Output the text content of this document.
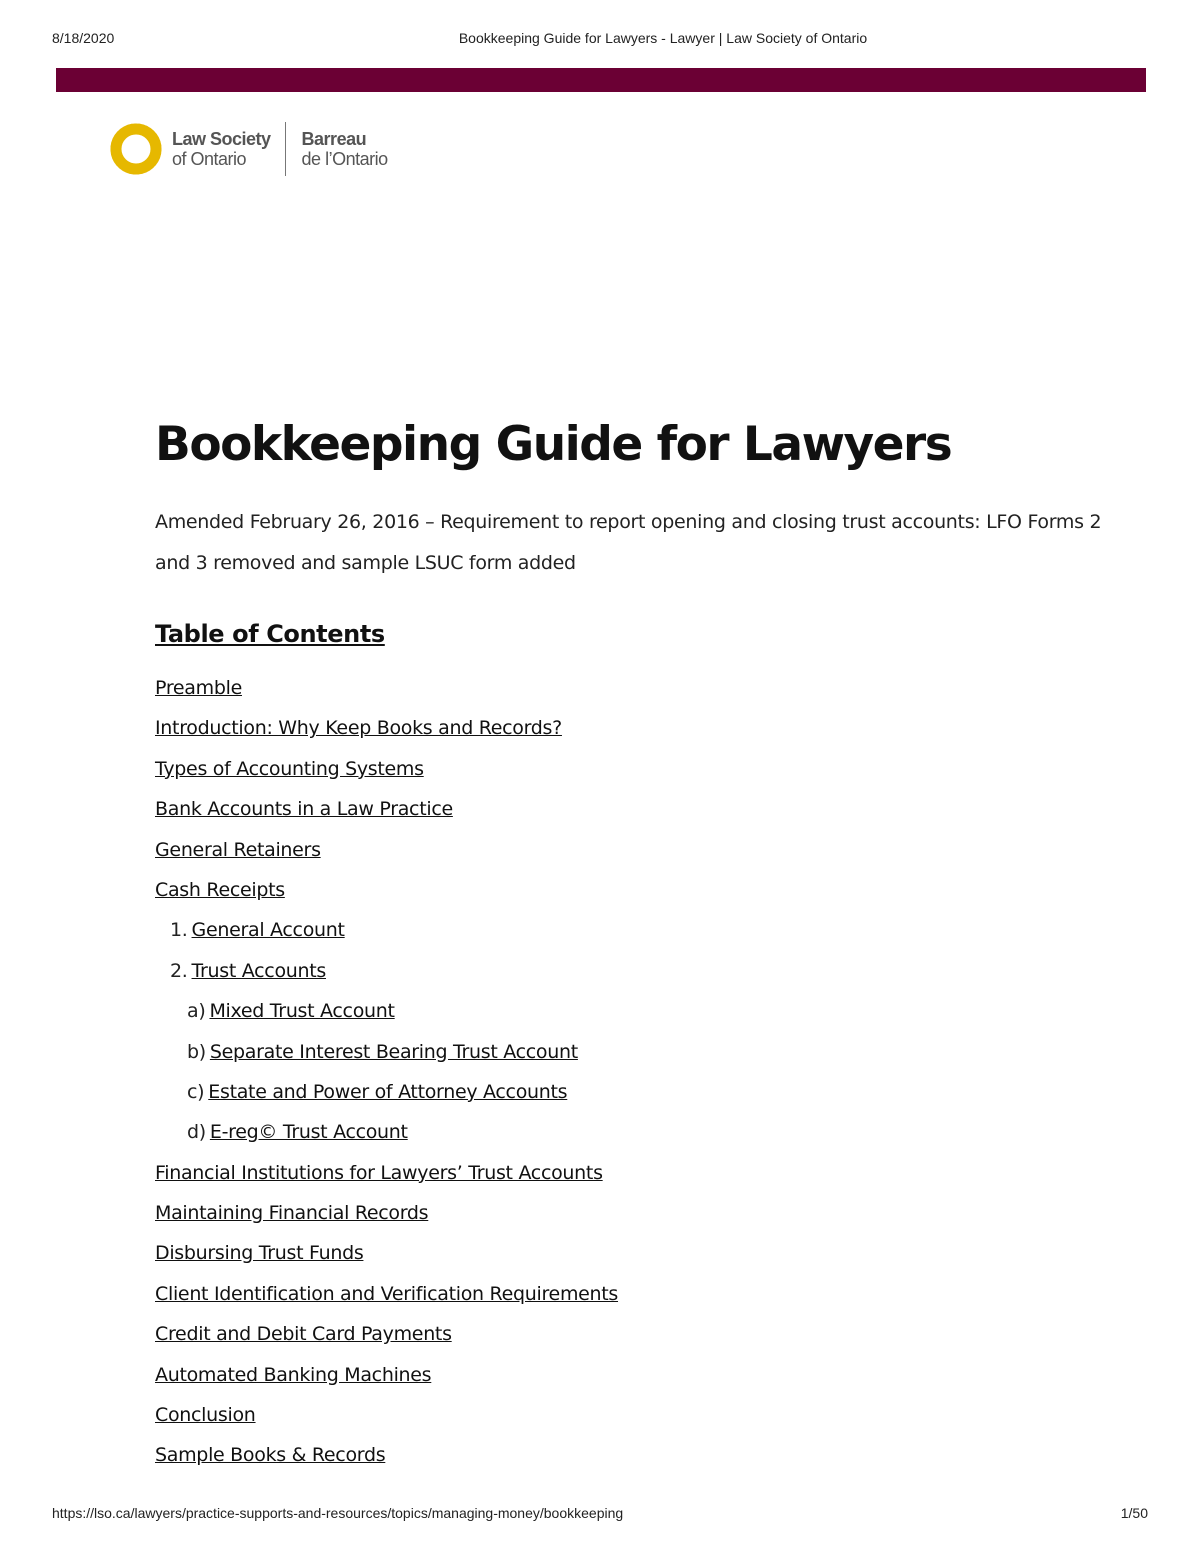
8/18/2020	Bookkeeping Guide for Lawyers - Lawyer | Law Society of Ontario
Law Society
of Ontario
Barreau
de l’Ontario
Bookkeeping Guide for Lawyers
Amended February 26, 2016 – Requirement to report opening and closing trust accounts: LFO Forms 2 and 3 removed and sample LSUC form added
Table of Contents
Preamble
Introduction: Why Keep Books and Records?
Types of Accounting Systems
Bank Accounts in a Law Practice
General Retainers
Cash Receipts
1. General Account
2. Trust Accounts
a) Mixed Trust Account
b) Separate Interest Bearing Trust Account
c) Estate and Power of Attorney Accounts
d) E-reg© Trust Account
Financial Institutions for Lawyers’ Trust Accounts
Maintaining Financial Records
Disbursing Trust Funds
Client Identification and Verification Requirements
Credit and Debit Card Payments
Automated Banking Machines
Conclusion
Sample Books & Records
https://lso.ca/lawyers/practice-supports-and-resources/topics/managing-money/bookkeeping	1/50
